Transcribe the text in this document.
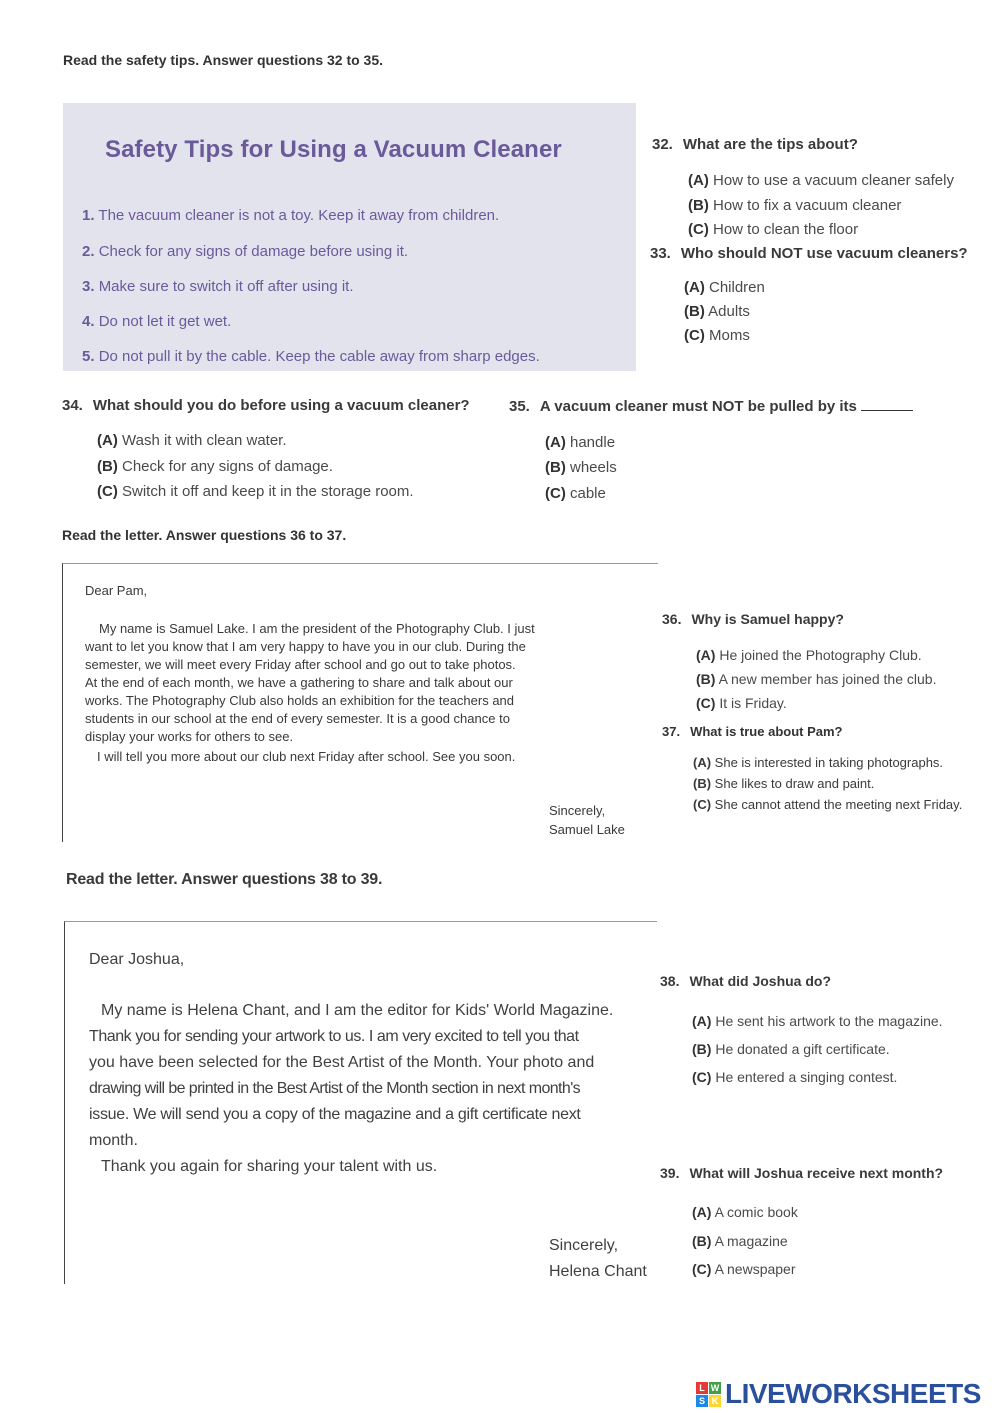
Read the safety tips. Answer questions 32 to 35.
Safety Tips for Using a Vacuum Cleaner
1. The vacuum cleaner is not a toy. Keep it away from children.
2. Check for any signs of damage before using it.
3. Make sure to switch it off after using it.
4. Do not let it get wet.
5. Do not pull it by the cable. Keep the cable away from sharp edges.
32. What are the tips about?
(A) How to use a vacuum cleaner safely
(B) How to fix a vacuum cleaner
(C) How to clean the floor
33. Who should NOT use vacuum cleaners?
(A) Children
(B) Adults
(C) Moms
34. What should you do before using a vacuum cleaner?
(A) Wash it with clean water.
(B) Check for any signs of damage.
(C) Switch it off and keep it in the storage room.
35. A vacuum cleaner must NOT be pulled by its
(A) handle
(B) wheels
(C) cable
Read the letter. Answer questions 36 to 37.
Dear Pam,
My name is Samuel Lake. I am the president of the Photography Club. I just
want to let you know that I am very happy to have you in our club. During the
semester, we will meet every Friday after school and go out to take photos.
At the end of each month, we have a gathering to share and talk about our
works. The Photography Club also holds an exhibition for the teachers and
students in our school at the end of every semester. It is a good chance to
display your works for others to see.
I will tell you more about our club next Friday after school. See you soon.
Sincerely,
Samuel Lake
36. Why is Samuel happy?
(A) He joined the Photography Club.
(B) A new member has joined the club.
(C) It is Friday.
37. What is true about Pam?
(A) She is interested in taking photographs.
(B) She likes to draw and paint.
(C) She cannot attend the meeting next Friday.
Read the letter. Answer questions 38 to 39.
Dear Joshua,
My name is Helena Chant, and I am the editor for Kids' World Magazine.
Thank you for sending your artwork to us. I am very excited to tell you that
you have been selected for the Best Artist of the Month. Your photo and
drawing will be printed in the Best Artist of the Month section in next month's
issue. We will send you a copy of the magazine and a gift certificate next
month.
Thank you again for sharing your talent with us.
Sincerely,
Helena Chant
38. What did Joshua do?
(A) He sent his artwork to the magazine.
(B) He donated a gift certificate.
(C) He entered a singing contest.
39. What will Joshua receive next month?
(A) A comic book
(B) A magazine
(C) A newspaper
L W
S K LIVEWORKSHEETS
